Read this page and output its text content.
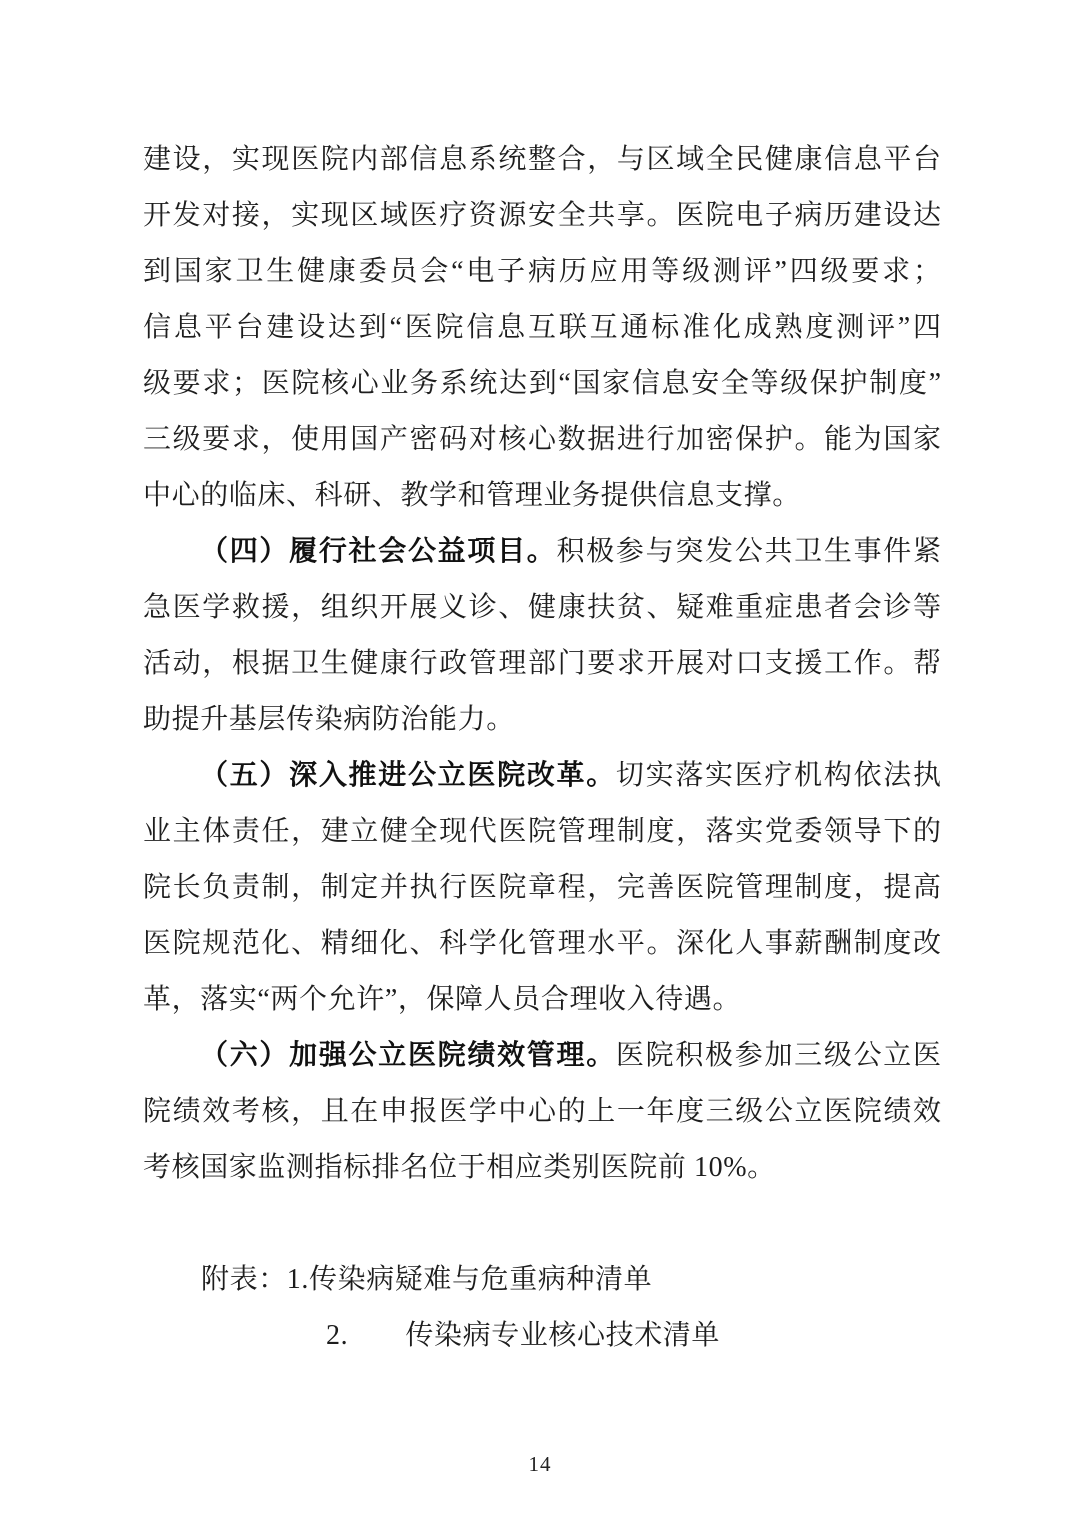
建设，实现医院内部信息系统整合，与区域全民健康信息平台
开发对接，实现区域医疗资源安全共享。医院电子病历建设达
到国家卫生健康委员会“电子病历应用等级测评”四级要求；
信息平台建设达到“医院信息互联互通标准化成熟度测评”四
级要求；医院核心业务系统达到“国家信息安全等级保护制度”
三级要求，使用国产密码对核心数据进行加密保护。能为国家
中心的临床、科研、教学和管理业务提供信息支撑。
（四）履行社会公益项目。积极参与突发公共卫生事件紧
急医学救援，组织开展义诊、健康扶贫、疑难重症患者会诊等
活动，根据卫生健康行政管理部门要求开展对口支援工作。帮
助提升基层传染病防治能力。
（五）深入推进公立医院改革。切实落实医疗机构依法执
业主体责任，建立健全现代医院管理制度，落实党委领导下的
院长负责制，制定并执行医院章程，完善医院管理制度，提高
医院规范化、精细化、科学化管理水平。深化人事薪酬制度改
革，落实“两个允许”，保障人员合理收入待遇。
（六）加强公立医院绩效管理。医院积极参加三级公立医
院绩效考核，且在申报医学中心的上一年度三级公立医院绩效
考核国家监测指标排名位于相应类别医院前 10%。
附表：1.传染病疑难与危重病种清单
2.　　传染病专业核心技术清单
14
